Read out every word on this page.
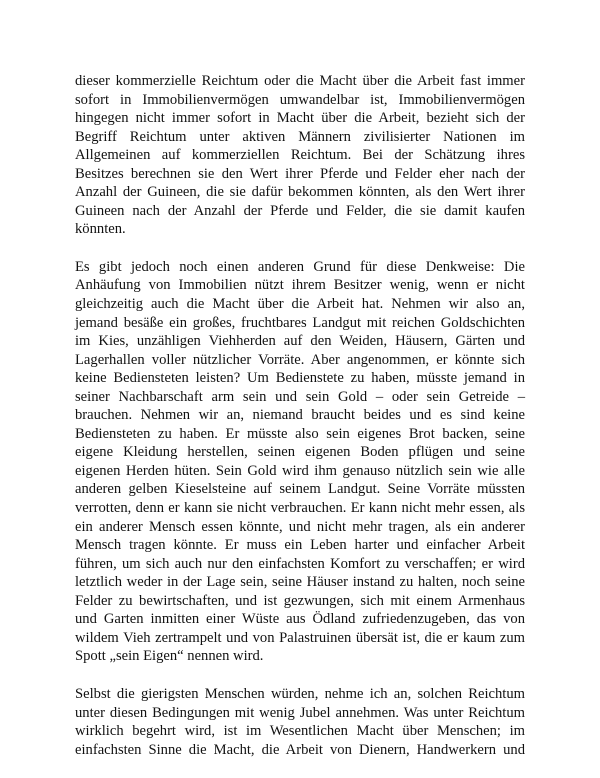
dieser kommerzielle Reichtum oder die Macht über die Arbeit fast immer
sofort in Immobilienvermögen umwandelbar ist, Immobilienvermögen
hingegen nicht immer sofort in Macht über die Arbeit, bezieht sich der
Begriff Reichtum unter aktiven Männern zivilisierter Nationen im
Allgemeinen auf kommerziellen Reichtum. Bei der Schätzung ihres
Besitzes berechnen sie den Wert ihrer Pferde und Felder eher nach der
Anzahl der Guineen, die sie dafür bekommen könnten, als den Wert ihrer
Guineen nach der Anzahl der Pferde und Felder, die sie damit kaufen
könnten.

Es gibt jedoch noch einen anderen Grund für diese Denkweise: Die
Anhäufung von Immobilien nützt ihrem Besitzer wenig, wenn er nicht
gleichzeitig auch die Macht über die Arbeit hat. Nehmen wir also an,
jemand besäße ein großes, fruchtbares Landgut mit reichen Goldschichten
im Kies, unzähligen Viehherden auf den Weiden, Häusern, Gärten und
Lagerhallen voller nützlicher Vorräte. Aber angenommen, er könnte sich
keine Bediensteten leisten? Um Bedienstete zu haben, müsste jemand in
seiner Nachbarschaft arm sein und sein Gold – oder sein Getreide –
brauchen. Nehmen wir an, niemand braucht beides und es sind keine
Bediensteten zu haben. Er müsste also sein eigenes Brot backen, seine
eigene Kleidung herstellen, seinen eigenen Boden pflügen und seine
eigenen Herden hüten. Sein Gold wird ihm genauso nützlich sein wie alle
anderen gelben Kieselsteine auf seinem Landgut. Seine Vorräte müssten
verrotten, denn er kann sie nicht verbrauchen. Er kann nicht mehr essen, als
ein anderer Mensch essen könnte, und nicht mehr tragen, als ein anderer
Mensch tragen könnte. Er muss ein Leben harter und einfacher Arbeit
führen, um sich auch nur den einfachsten Komfort zu verschaffen; er wird
letztlich weder in der Lage sein, seine Häuser instand zu halten, noch seine
Felder zu bewirtschaften, und ist gezwungen, sich mit einem Armenhaus
und Garten inmitten einer Wüste aus Ödland zufriedenzugeben, das von
wildem Vieh zertrampelt und von Palastruinen übersät ist, die er kaum zum
Spott „sein Eigen“ nennen wird.

Selbst die gierigsten Menschen würden, nehme ich an, solchen Reichtum
unter diesen Bedingungen mit wenig Jubel annehmen. Was unter Reichtum
wirklich begehrt wird, ist im Wesentlichen Macht über Menschen; im
einfachsten Sinne die Macht, die Arbeit von Dienern, Handwerkern und
